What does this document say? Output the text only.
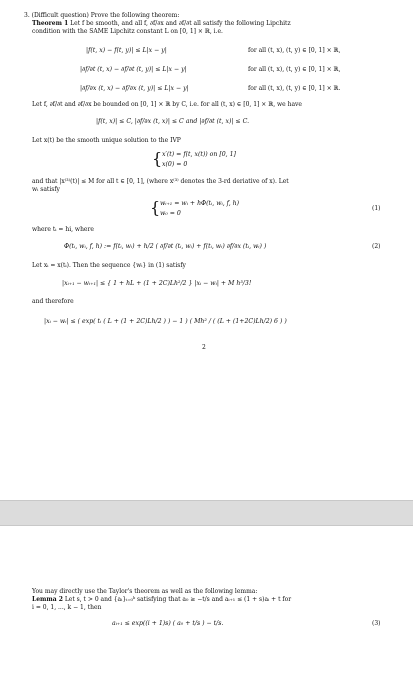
3. (Difficult question) Prove the following theorem:
Theorem 1 Let f be smooth, and all f, ∂f/∂x and ∂f/∂t all satisfy the following Lipchitz
condition with the SAME Lipchitz constant L on [0, 1] × ℝ, i.e.
|f(t, x) − f(t, y)| ≤ L|x − y|	for all (t, x), (t, y) ∈ [0, 1] × ℝ,
|∂f/∂t (t, x) − ∂f/∂t (t, y)| ≤ L|x − y|	for all (t, x), (t, y) ∈ [0, 1] × ℝ,
|∂f/∂x (t, x) − ∂f/∂x (t, y)| ≤ L|x − y|	for all (t, x), (t, y) ∈ [0, 1] × ℝ.
Let f, ∂f/∂t and ∂f/∂x be bounded on [0, 1] × ℝ by C, i.e. for all (t, x) ∈ [0, 1] × ℝ, we have
|f(t, x)| ≤ C, |∂f/∂x (t, x)| ≤ C and |∂f/∂t (t, x)| ≤ C.
Let x(t) be the smooth unique solution to the IVP
{ x′(t) = f(t, x(t)) on [0, 1]
x(0) = 0
and that |x⁽³⁾(t)| ≤ M for all t ∈ [0, 1], (where x⁽³⁾ denotes the 3-rd deriative of x). Let
wᵢ satisfy
{ wᵢ₊₁ = wᵢ + hΦ(tᵢ, wᵢ, f, h)
w₀ = 0
(1)
where tᵢ = hi, where
Φ(tᵢ, wᵢ, f, h) := f(tᵢ, wᵢ) + h/2 ( ∂f/∂t (tᵢ, wᵢ) + f(tᵢ, wᵢ) ∂f/∂x (tᵢ, wᵢ) )	(2)
Let xᵢ = x(tᵢ). Then the sequence {wᵢ} in (1) satisfy
|xᵢ₊₁ − wᵢ₊₁| ≤ { 1 + hL + (1 + 2C)Lh²/2 } |xᵢ − wᵢ| + M h³/3!
and therefore
|xᵢ − wᵢ| ≤ ( exp( tᵢ ( L + (1 + 2C)Lh/2 ) ) − 1 ) ( Mh² / ( (L + (1+2C)Lh/2) 6 ) )
2
You may directly use the Taylor's theorem as well as the following lemma:
Lemma 2 Let s, t > 0 and {aᵢ}ᵢ₌₀ᵏ satisfying that a₀ ≥ −t/s and aᵢ₊₁ ≤ (1 + s)aᵢ + t for
i = 0, 1, ..., k − 1, then
aᵢ₊₁ ≤ exp((i + 1)s) ( a₀ + t/s ) − t/s.	(3)
